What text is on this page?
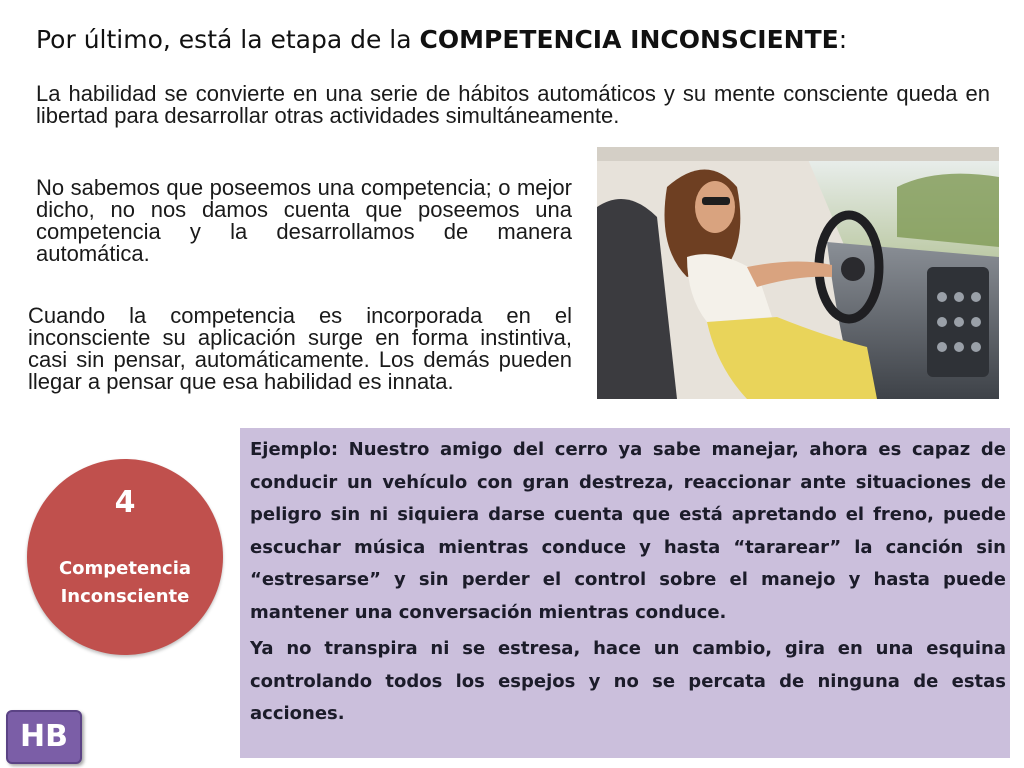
Por último, está la etapa de la COMPETENCIA INCONSCIENTE:

La habilidad se convierte en una serie de hábitos automáticos y su mente consciente queda en libertad para desarrollar otras actividades simultáneamente.

No sabemos que poseemos una competencia; o mejor dicho, no nos damos cuenta que poseemos una competencia y la desarrollamos de manera automática.

Cuando la competencia es incorporada en el inconsciente su aplicación surge en forma instintiva, casi sin pensar, automáticamente. Los demás pueden llegar a pensar que esa habilidad es innata.

4
Competencia Inconsciente

Ejemplo: Nuestro amigo del cerro ya sabe manejar, ahora es capaz de conducir un vehículo con gran destreza, reaccionar ante situaciones de peligro sin ni siquiera darse cuenta que está apretando el freno, puede escuchar música mientras conduce y hasta “tararear” la canción sin “estresarse” y sin perder el control sobre el manejo y hasta puede mantener una conversación mientras conduce.

Ya no transpira ni se estresa, hace un cambio, gira en una esquina controlando todos los espejos y no se percata de ninguna de estas acciones.

HB
